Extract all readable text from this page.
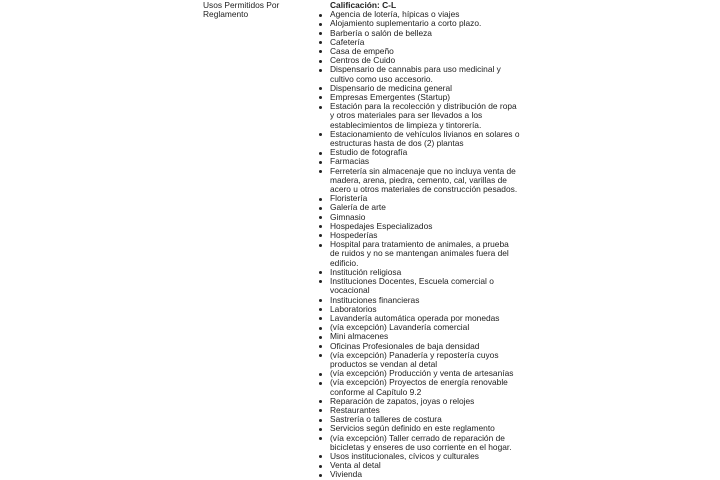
Usos Permitidos Por Reglamento
Calificación: C-L
Agencia de lotería, hípicas o viajes
Alojamiento suplementario a corto plazo.
Barbería o salón de belleza
Cafetería
Casa de empeño
Centros de Cuido
Dispensario de cannabis para uso medicinal y cultivo como uso accesorio.
Dispensario de medicina general
Empresas Emergentes (Startup)
Estación para la recolección y distribución de ropa y otros materiales para ser llevados a los establecimientos de limpieza y tintorería.
Estacionamiento de vehículos livianos en solares o estructuras hasta de dos (2) plantas
Estudio de fotografía
Farmacias
Ferretería sin almacenaje que no incluya venta de madera, arena, piedra, cemento, cal, varillas de acero u otros materiales de construcción pesados.
Floristería
Galería de arte
Gimnasio
Hospedajes Especializados
Hospederías
Hospital para tratamiento de animales, a prueba de ruidos y no se mantengan animales fuera del edificio.
Institución religiosa
Instituciones Docentes, Escuela comercial o vocacional
Instituciones financieras
Laboratorios
Lavandería automática operada por monedas
(vía excepción) Lavandería comercial
Mini almacenes
Oficinas Profesionales de baja densidad
(vía excepción) Panadería y repostería cuyos productos se vendan al detal
(vía excepción) Producción y venta de artesanías
(vía excepción) Proyectos de energía renovable conforme al Capítulo 9.2
Reparación de zapatos, joyas o relojes
Restaurantes
Sastrería o talleres de costura
Servicios según definido en este reglamento
(vía excepción) Taller cerrado de reparación de bicicletas y enseres de uso corriente en el hogar.
Usos institucionales, cívicos y culturales
Venta al detal
Vivienda
